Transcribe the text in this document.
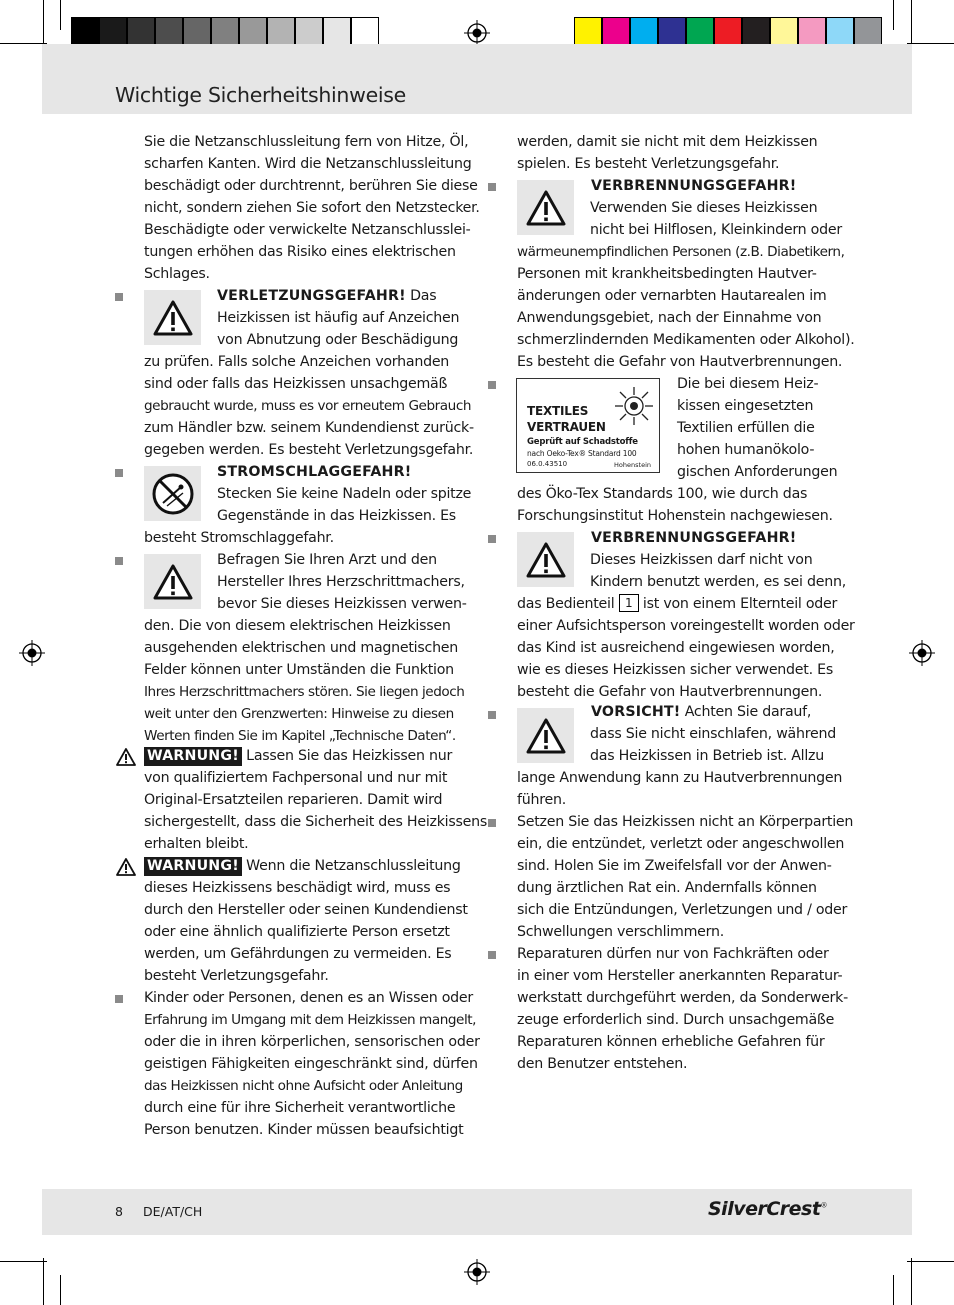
Wichtige Sicherheitshinweise
Sie die Netzanschlussleitung fern von Hitze, Öl,
scharfen Kanten. Wird die Netzanschlussleitung
beschädigt oder durchtrennt, berühren Sie diese
nicht, sondern ziehen Sie sofort den Netzstecker.
Beschädigte oder verwickelte Netzanschlusslei-
tungen erhöhen das Risiko eines elektrischen
Schlages.
VERLETZUNGSGEFAHR! Das
Heizkissen ist häufig auf Anzeichen
von Abnutzung oder Beschädigung
zu prüfen. Falls solche Anzeichen vorhanden
sind oder falls das Heizkissen unsachgemäß
gebraucht wurde, muss es vor erneutem Gebrauch
zum Händler bzw. seinem Kundendienst zurück-
gegeben werden. Es besteht Verletzungsgefahr.
STROMSCHLAGGEFAHR!
Stecken Sie keine Nadeln oder spitze
Gegenstände in das Heizkissen. Es
besteht Stromschlaggefahr.
Befragen Sie Ihren Arzt und den
Hersteller Ihres Herzschrittmachers,
bevor Sie dieses Heizkissen verwen-
den. Die von diesem elektrischen Heizkissen
ausgehenden elektrischen und magnetischen
Felder können unter Umständen die Funktion
Ihres Herzschrittmachers stören. Sie liegen jedoch
weit unter den Grenzwerten: Hinweise zu diesen
Werten finden Sie im Kapitel „Technische Daten“.
WARNUNG! Lassen Sie das Heizkissen nur
von qualifiziertem Fachpersonal und nur mit
Original-Ersatzteilen reparieren. Damit wird
sichergestellt, dass die Sicherheit des Heizkissens
erhalten bleibt.
WARNUNG! Wenn die Netzanschlussleitung
dieses Heizkissens beschädigt wird, muss es
durch den Hersteller oder seinen Kundendienst
oder eine ähnlich qualifizierte Person ersetzt
werden, um Gefährdungen zu vermeiden. Es
besteht Verletzungsgefahr.
Kinder oder Personen, denen es an Wissen oder
Erfahrung im Umgang mit dem Heizkissen mangelt,
oder die in ihren körperlichen, sensorischen oder
geistigen Fähigkeiten eingeschränkt sind, dürfen
das Heizkissen nicht ohne Aufsicht oder Anleitung
durch eine für ihre Sicherheit verantwortliche
Person benutzen. Kinder müssen beaufsichtigt
werden, damit sie nicht mit dem Heizkissen
spielen. Es besteht Verletzungsgefahr.
VERBRENNUNGSGEFAHR!
Verwenden Sie dieses Heizkissen
nicht bei Hilflosen, Kleinkindern oder
wärmeunempfindlichen Personen (z.B. Diabetikern,
Personen mit krankheitsbedingten Hautver-
änderungen oder vernarbten Hautarealen im
Anwendungsgebiet, nach der Einnahme von
schmerzlindernden Medikamenten oder Alkohol).
Es besteht die Gefahr von Hautverbrennungen.
TEXTILES
VERTRAUEN
Geprüft auf Schadstoffe
nach Oeko-Tex® Standard 100
06.0.43510	Hohenstein
Die bei diesem Heiz-
kissen eingesetzten
Textilien erfüllen die
hohen humanökolo-
gischen Anforderungen
des Öko-Tex Standards 100, wie durch das
Forschungsinstitut Hohenstein nachgewiesen.
VERBRENNUNGSGEFAHR!
Dieses Heizkissen darf nicht von
Kindern benutzt werden, es sei denn,
das Bedienteil 1 ist von einem Elternteil oder
einer Aufsichtsperson voreingestellt worden oder
das Kind ist ausreichend eingewiesen worden,
wie es dieses Heizkissen sicher verwendet. Es
besteht die Gefahr von Hautverbrennungen.
VORSICHT! Achten Sie darauf,
dass Sie nicht einschlafen, während
das Heizkissen in Betrieb ist. Allzu
lange Anwendung kann zu Hautverbrennungen
führen.
Setzen Sie das Heizkissen nicht an Körperpartien
ein, die entzündet, verletzt oder angeschwollen
sind. Holen Sie im Zweifelsfall vor der Anwen-
dung ärztlichen Rat ein. Andernfalls können
sich die Entzündungen, Verletzungen und / oder
Schwellungen verschlimmern.
Reparaturen dürfen nur von Fachkräften oder
in einer vom Hersteller anerkannten Reparatur-
werkstatt durchgeführt werden, da Sonderwerk-
zeuge erforderlich sind. Durch unsachgemäße
Reparaturen können erhebliche Gefahren für
den Benutzer entstehen.
8 DE/AT/CH	SilverCrest®
